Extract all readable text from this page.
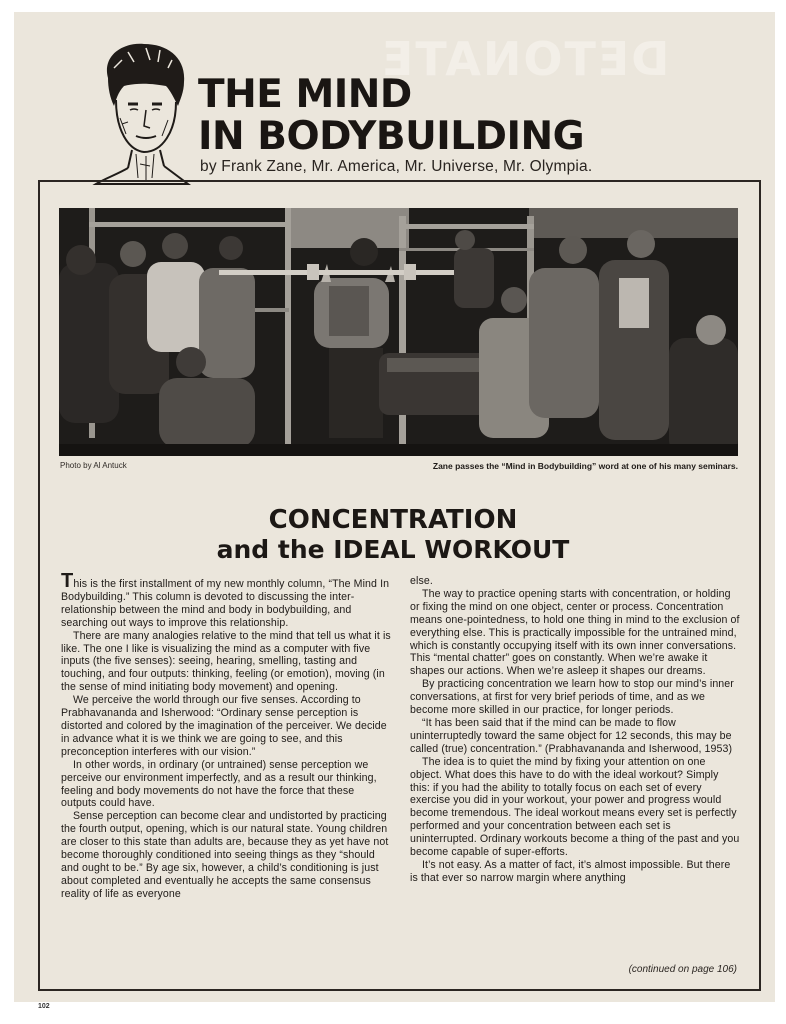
DETONATE
THE MIND
IN BODYBUILDING
by Frank Zane, Mr. America, Mr. Universe, Mr. Olympia.
Photo by Al Antuck	Zane passes the “Mind in Bodybuilding” word at one of his many seminars.
CONCENTRATION
and the IDEAL WORKOUT

This is the first installment of my new monthly column, “The Mind In Bodybuilding.” This column is devoted to discussing the inter-relationship between the mind and body in bodybuilding, and searching out ways to improve this relationship.

There are many analogies relative to the mind that tell us what it is like. The one I like is visualizing the mind as a computer with five inputs (the five senses): seeing, hearing, smelling, tasting and touching, and four outputs: thinking, feeling (or emotion), moving (in the sense of mind initiating body movement) and opening.

We perceive the world through our five senses. According to Prabhavananda and Isherwood: “Ordinary sense perception is distorted and colored by the imagination of the perceiver. We decide in advance what it is we think we are going to see, and this preconception interferes with our vision.”

In other words, in ordinary (or untrained) sense perception we perceive our environment imperfectly, and as a result our thinking, feeling and body movements do not have the force that these outputs could have.

Sense perception can become clear and undistorted by practicing the fourth output, opening, which is our natural state. Young children are closer to this state than adults are, because they as yet have not become thoroughly conditioned into seeing things as they “should and ought to be.” By age six, however, a child’s conditioning is just about completed and eventually he accepts the same consensus reality of life as everyone

else.

The way to practice opening starts with concentration, or holding or fixing the mind on one object, center or process. Concentration means one-pointedness, to hold one thing in mind to the exclusion of everything else. This is practically impossible for the untrained mind, which is constantly occupying itself with its own inner conversations. This “mental chatter” goes on constantly. When we’re awake it shapes our actions. When we’re asleep it shapes our dreams.

By practicing concentration we learn how to stop our mind’s inner conversations, at first for very brief periods of time, and as we become more skilled in our practice, for longer periods.

“It has been said that if the mind can be made to flow uninterruptedly toward the same object for 12 seconds, this may be called (true) concentration.” (Prabhavananda and Isherwood, 1953)

The idea is to quiet the mind by fixing your attention on one object. What does this have to do with the ideal workout? Simply this: if you had the ability to totally focus on each set of every exercise you did in your workout, your power and progress would become tremendous. The ideal workout means every set is perfectly performed and your concentration between each set is uninterrupted. Ordinary workouts become a thing of the past and you become capable of super-efforts.

It’s not easy. As a matter of fact, it’s almost impossible. But there is that ever so narrow margin where anything

(continued on page 106)
102
